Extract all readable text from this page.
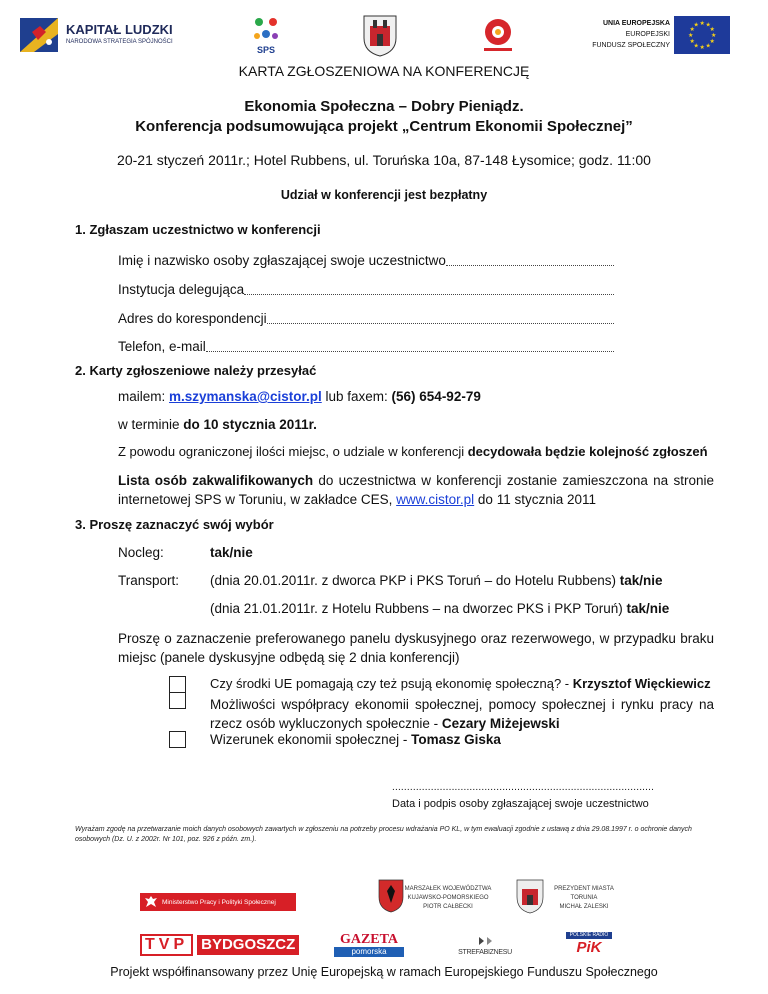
KAPITAŁ LUDZKI
NARODOWA STRATEGIA SPÓJNOŚCI
SPS
UNIA EUROPEJSKA
EUROPEJSKI
FUNDUSZ SPOŁECZNY
★ ★
★
★
★
★
★
★
★
★
★
★
KARTA ZGŁOSZENIOWA NA KONFERENCJĘ
Ekonomia Społeczna – Dobry Pieniądz.
Konferencja podsumowująca projekt „Centrum Ekonomii Społecznej”
20-21 styczeń 2011r.; Hotel Rubbens, ul. Toruńska 10a, 87-148 Łysomice; godz. 11:00
Udział w konferencji jest bezpłatny
1. Zgłaszam uczestnictwo w konferencji
Imię i nazwisko osoby zgłaszającej swoje uczestnictwo
Instytucja delegująca
Adres do korespondencji
Telefon, e-mail
2. Karty zgłoszeniowe należy przesyłać
mailem: m.szymanska@cistor.pl lub faxem: (56) 654-92-79
w terminie do 10 stycznia 2011r.
Z powodu ograniczonej ilości miejsc, o udziale w konferencji decydowała będzie kolejność zgłoszeń
Lista osób zakwalifikowanych do uczestnictwa w konferencji zostanie zamieszczona na stronie internetowej SPS w Toruniu, w zakładce CES, www.cistor.pl do 11 stycznia 2011
3. Proszę zaznaczyć swój wybór
Nocleg:	tak/nie
Transport: (dnia 20.01.2011r. z dworca PKP i PKS Toruń – do Hotelu Rubbens) tak/nie
(dnia 21.01.2011r. z Hotelu Rubbens – na dworzec PKS i PKP Toruń) tak/nie
Proszę o zaznaczenie preferowanego panelu dyskusyjnego oraz rezerwowego, w przypadku braku miejsc (panele dyskusyjne odbędą się 2 dnia konferencji)
Czy środki UE pomagają czy też psują ekonomię społeczną? - Krzysztof Więckiewicz
Możliwości współpracy ekonomii społecznej, pomocy społecznej i rynku pracy na rzecz osób wykluczonych społecznie - Cezary Miżejewski
Wizerunek ekonomii społecznej - Tomasz Giska
........................................................................................
Data i podpis osoby zgłaszającej swoje uczestnictwo
Wyrażam zgodę na przetwarzanie moich danych osobowych zawartych w zgłoszeniu na potrzeby procesu wdrażania PO KL, w tym ewaluacji zgodnie z ustawą z dnia 29.08.1997 r. o ochronie danych osobowych (Dz. U. z 2002r. Nr 101, poz. 926 z późn. zm.).
Ministerstwo Pracy i Polityki Społecznej
MARSZAŁEK WOJEWÓDZTWA
KUJAWSKO-POMORSKIEGO
PIOTR CAŁBECKI
PREZYDENT MIASTA
TORUNIA
MICHAŁ ZALESKI
TVP BYDGOSZCZ	GAZETA
pomorska	STREFABIZNESU
POLSKIE RADIO
PiK
Projekt współfinansowany przez Unię Europejską w ramach Europejskiego Funduszu Społecznego
